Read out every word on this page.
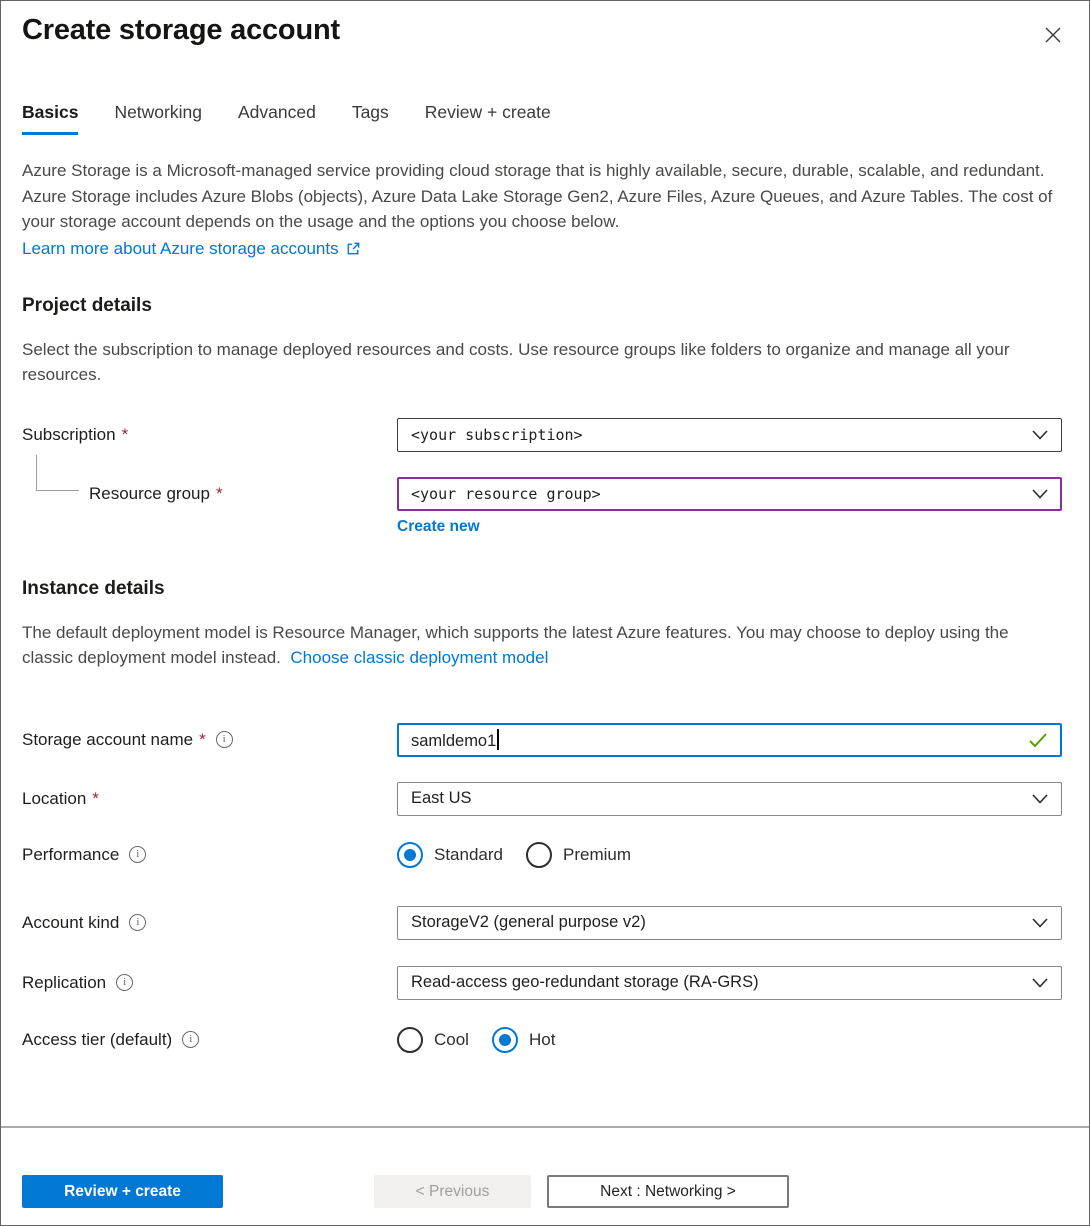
Create storage account
Basics Networking Advanced Tags Review + create
Azure Storage is a Microsoft-managed service providing cloud storage that is highly available, secure, durable, scalable, and redundant. Azure Storage includes Azure Blobs (objects), Azure Data Lake Storage Gen2, Azure Files, Azure Queues, and Azure Tables. The cost of your storage account depends on the usage and the options you choose below.
Learn more about Azure storage accounts
Project details
Select the subscription to manage deployed resources and costs. Use resource groups like folders to organize and manage all your resources.
Subscription *	<your subscription>
Resource group *	<your resource group>
Create new
Instance details
The default deployment model is Resource Manager, which supports the latest Azure features. You may choose to deploy using the classic deployment model instead. Choose classic deployment model
Storage account name *	i	samldemo1
Location *	East US
Performance	i	Standard	Premium
Account kind	i	StorageV2 (general purpose v2)
Replication	i	Read-access geo-redundant storage (RA-GRS)
Access tier (default)	i	Cool	Hot
Review + create	< Previous	Next : Networking >
